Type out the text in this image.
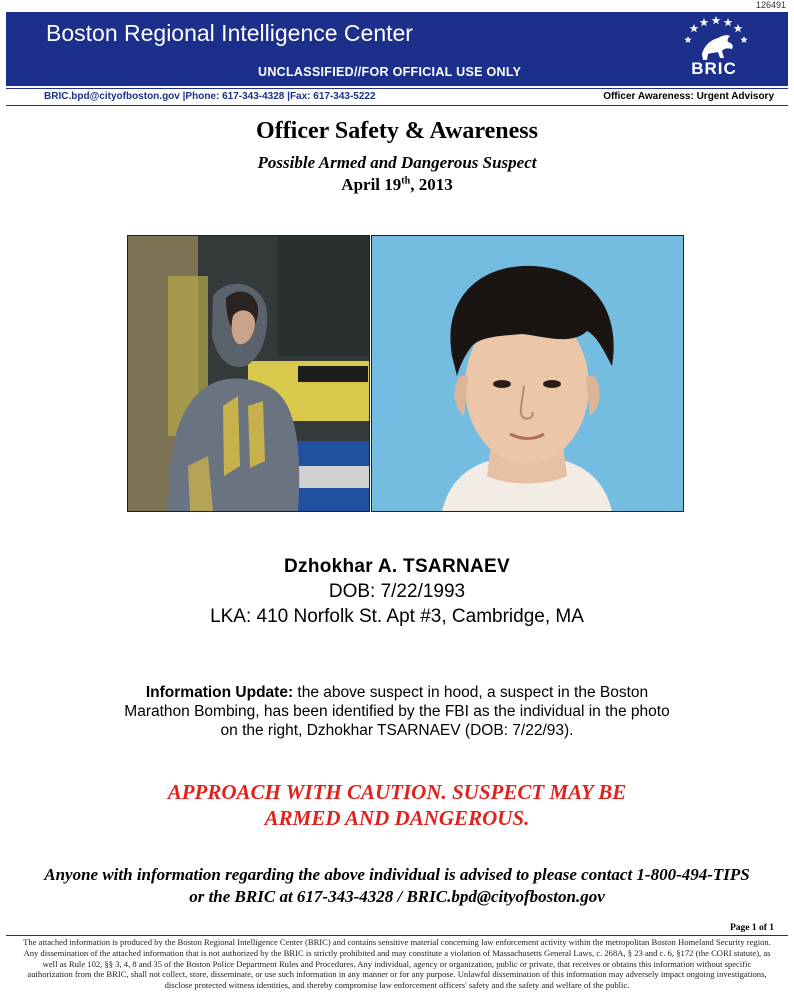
126491
Boston Regional Intelligence Center
UNCLASSIFIED//FOR OFFICIAL USE ONLY	BRIC
BRIC.bpd@cityofboston.gov |Phone: 617-343-4328 |Fax: 617-343-5222	Officer Awareness: Urgent Advisory
Officer Safety & Awareness
Possible Armed and Dangerous Suspect
April 19th, 2013
Dzhokhar A. TSARNAEV
DOB: 7/22/1993
LKA: 410 Norfolk St. Apt #3, Cambridge, MA
Information Update: the above suspect in hood, a suspect in the Boston Marathon Bombing, has been identified by the FBI as the individual in the photo on the right, Dzhokhar TSARNAEV (DOB: 7/22/93).
APPROACH WITH CAUTION. SUSPECT MAY BE
ARMED AND DANGEROUS.
Anyone with information regarding the above individual is advised to please contact 1-800-494-TIPS or the BRIC at 617-343-4328 / BRIC.bpd@cityofboston.gov
Page 1 of 1
The attached information is produced by the Boston Regional Intelligence Center (BRIC) and contains sensitive material concerning law enforcement activity within the metropolitan Boston Homeland Security region. Any dissemination of the attached information that is not authorized by the BRIC is strictly prohibited and may constitute a violation of Massachusetts General Laws, c. 268A, § 23 and c. 6, §172 (the CORI statute), as well as Rule 102, §§ 3, 4, 8 and 35 of the Boston Police Department Rules and Procedures. Any individual, agency or organization, public or private, that receives or obtains this information without specific authorization from the BRIC, shall not collect, store, disseminate, or use such information in any manner or for any purpose. Unlawful dissemination of this information may adversely impact ongoing investigations, disclose protected witness identities, and thereby compromise law enforcement officers' safety and the safety and welfare of the public.
